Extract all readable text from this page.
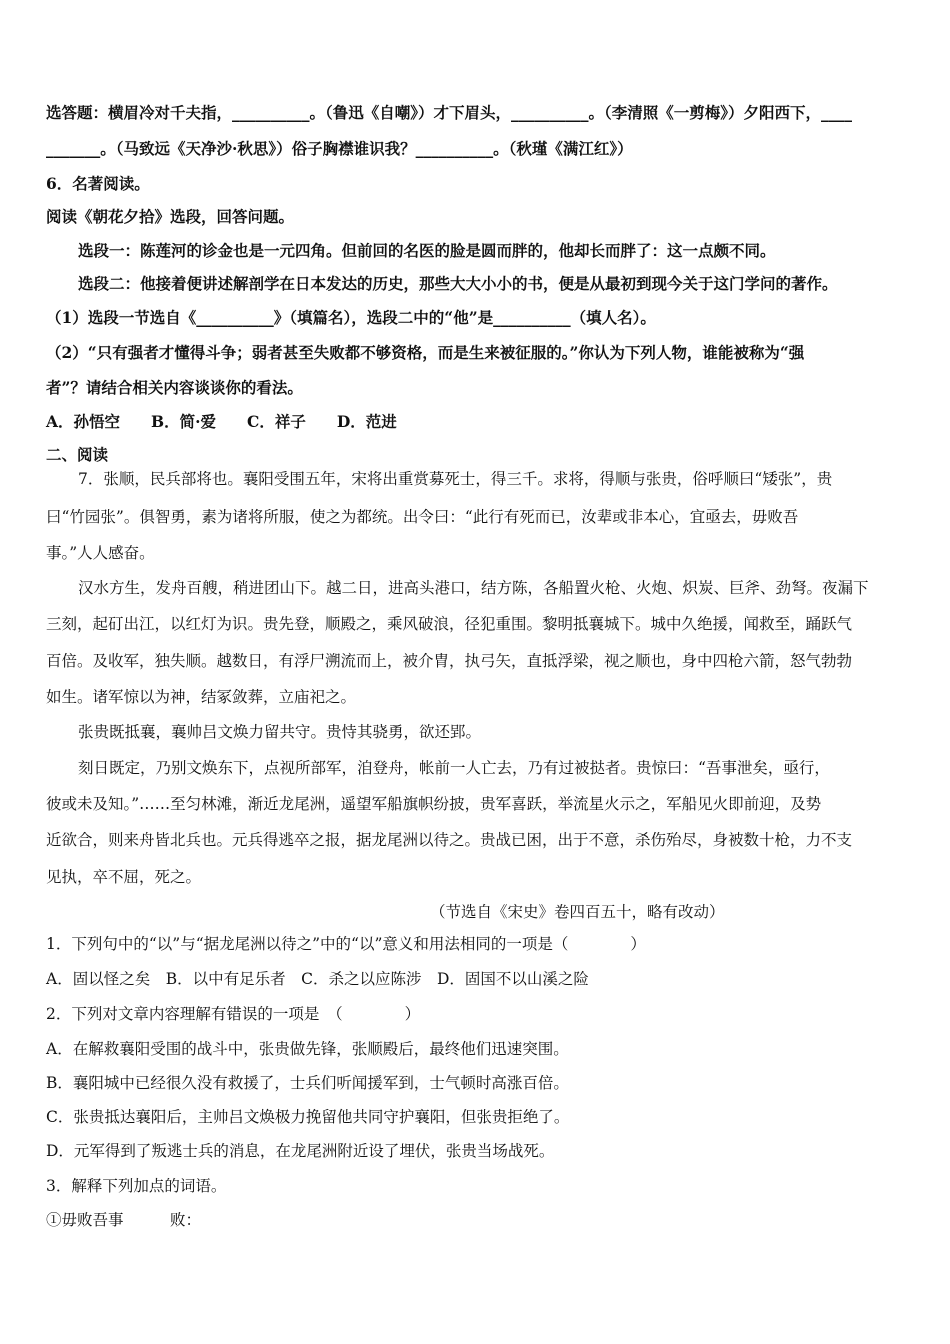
选答题：横眉冷对千夫指，__________。（鲁迅《自嘲》）才下眉头，__________。（李清照《一剪梅》）夕阳西下，____
_______。（马致远《天净沙·秋思》）俗子胸襟谁识我？__________。（秋瑾《满江红》）
6．名著阅读。
阅读《朝花夕拾》选段，回答问题。
选段一：陈莲河的诊金也是一元四角。但前回的名医的脸是圆而胖的，他却长而胖了：这一点颇不同。
选段二：他接着便讲述解剖学在日本发达的历史，那些大大小小的书，便是从最初到现今关于这门学问的著作。
（1）选段一节选自《__________》（填篇名），选段二中的“他”是__________（填人名）。
（2）“只有强者才懂得斗争；弱者甚至失败都不够资格，而是生来被征服的。”你认为下列人物，谁能被称为“强
者”？请结合相关内容谈谈你的看法。
A．孙悟空　　B．简·爱　　C．祥子　　D．范进
二、阅读
7．张顺，民兵部将也。襄阳受围五年，宋将出重赏募死士，得三千。求将，得顺与张贵，俗呼顺曰“矮张”，贵
曰“竹园张”。俱智勇，素为诸将所服，使之为都统。出令曰：“此行有死而已，汝辈或非本心，宜亟去，毋败吾
事。”人人感奋。
汉水方生，发舟百艘，稍进团山下。越二日，进高头港口，结方陈，各船置火枪、火炮、炽炭、巨斧、劲弩。夜漏下
三刻，起矴出江，以红灯为识。贵先登，顺殿之，乘风破浪，径犯重围。黎明抵襄城下。城中久绝援，闻救至，踊跃气
百倍。及收军，独失顺。越数日，有浮尸溯流而上，被介胄，执弓矢，直抵浮梁，视之顺也，身中四枪六箭，怒气勃勃
如生。诸军惊以为神，结冢敛葬，立庙祀之。
张贵既抵襄，襄帅吕文焕力留共守。贵恃其骁勇，欲还郢。
刻日既定，乃别文焕东下，点视所部军，洎登舟，帐前一人亡去，乃有过被挞者。贵惊曰：“吾事泄矣，亟行，
彼或未及知。”……至匀林滩，渐近龙尾洲，遥望军船旗帜纷披，贵军喜跃，举流星火示之，军船见火即前迎，及势
近欲合，则来舟皆北兵也。元兵得逃卒之报，据龙尾洲以待之。贵战已困，出于不意，杀伤殆尽，身被数十枪，力不支
见执，卒不屈，死之。
（节选自《宋史》卷四百五十，略有改动）
1．下列句中的“以”与“据龙尾洲以待之”中的“以”意义和用法相同的一项是（　　　　）
A．固以怪之矣　B．以中有足乐者　C．杀之以应陈涉　D．固国不以山溪之险
2．下列对文章内容理解有错误的一项是　（　　　　）
A．在解救襄阳受围的战斗中，张贵做先锋，张顺殿后，最终他们迅速突围。
B．襄阳城中已经很久没有救援了，士兵们听闻援军到，士气顿时高涨百倍。
C．张贵抵达襄阳后，主帅吕文焕极力挽留他共同守护襄阳，但张贵拒绝了。
D．元军得到了叛逃士兵的消息，在龙尾洲附近设了埋伏，张贵当场战死。
3．解释下列加点的词语。
①毋败吾事　　　败：
